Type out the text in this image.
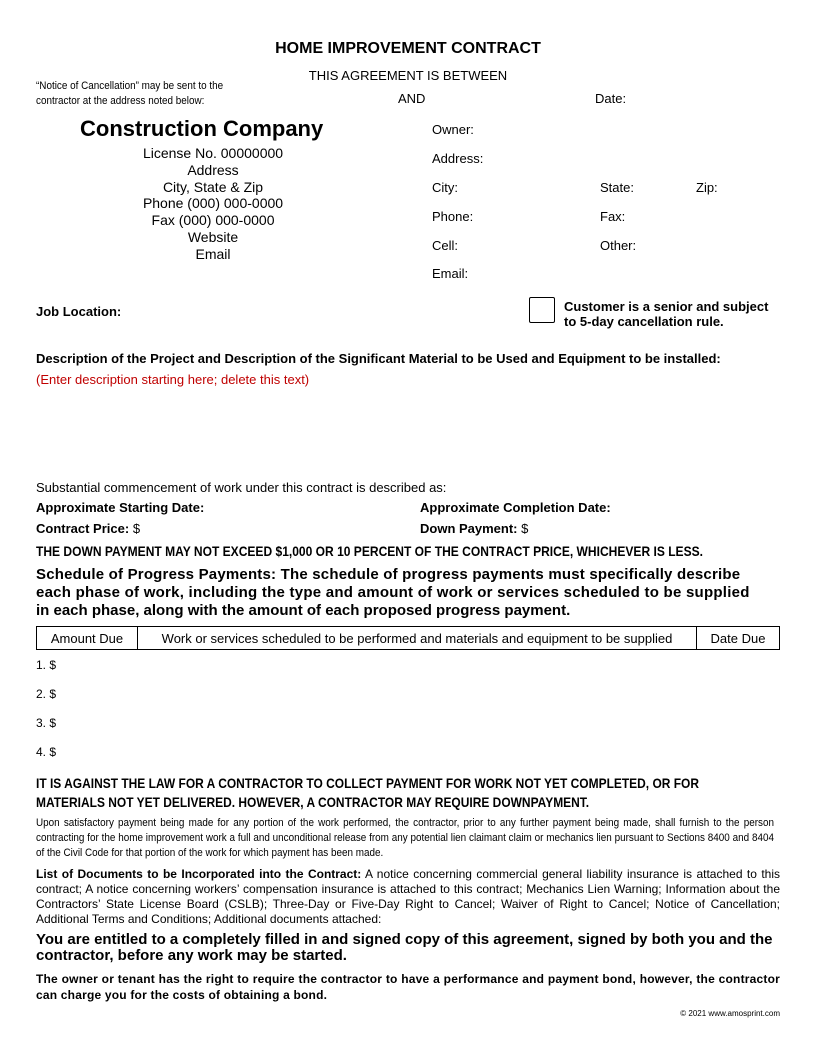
HOME IMPROVEMENT CONTRACT
THIS AGREEMENT IS BETWEEN
“Notice of Cancellation” may be sent to the
contractor at the address noted below:	AND	Date:
Construction Company
License No. 00000000
Address
City, State & Zip
Phone (000) 000-0000
Fax (000) 000-0000
Website
Email
Owner:
Address:
City:	State:	Zip:
Phone:	Fax:
Cell:	Other:
Email:
Job Location:	Customer is a senior and subject
to 5-day cancellation rule.
Description of the Project and Description of the Significant Material to be Used and Equipment to be installed:
(Enter description starting here; delete this text)
Substantial commencement of work under this contract is described as:
Approximate Starting Date:	Approximate Completion Date:
Contract Price: $	Down Payment: $
THE DOWN PAYMENT MAY NOT EXCEED $1,000 OR 10 PERCENT OF THE CONTRACT PRICE, WHICHEVER IS LESS.
Schedule of Progress Payments: The schedule of progress payments must specifically describe
each phase of work, including the type and amount of work or services scheduled to be supplied
in each phase, along with the amount of each proposed progress payment.
Amount Due	Work or services scheduled to be performed and materials and equipment to be supplied	Date Due
1. $
2. $
3. $
4. $
IT IS AGAINST THE LAW FOR A CONTRACTOR TO COLLECT PAYMENT FOR WORK NOT YET COMPLETED, OR FOR
MATERIALS NOT YET DELIVERED. HOWEVER, A CONTRACTOR MAY REQUIRE DOWNPAYMENT.
Upon satisfactory payment being made for any portion of the work performed, the contractor, prior to any further payment being made, shall furnish to the person contracting for the home improvement work a full and unconditional release from any potential lien claimant claim or mechanics lien pursuant to Sections 8400 and 8404 of the Civil Code for that portion of the work for which payment has been made.
List of Documents to be Incorporated into the Contract: A notice concerning commercial general liability insurance is attached to this contract; A notice concerning workers’ compensation insurance is attached to this contract; Mechanics Lien Warning; Information about the Contractors’ State License Board (CSLB); Three-Day or Five-Day Right to Cancel; Waiver of Right to Cancel; Notice of Cancellation; Additional Terms and Conditions; Additional documents attached:
You are entitled to a completely filled in and signed copy of this agreement, signed by both you and the contractor, before any work may be started.
The owner or tenant has the right to require the contractor to have a performance and payment bond, however, the contractor can charge you for the costs of obtaining a bond.
© 2021 www.amosprint.com
